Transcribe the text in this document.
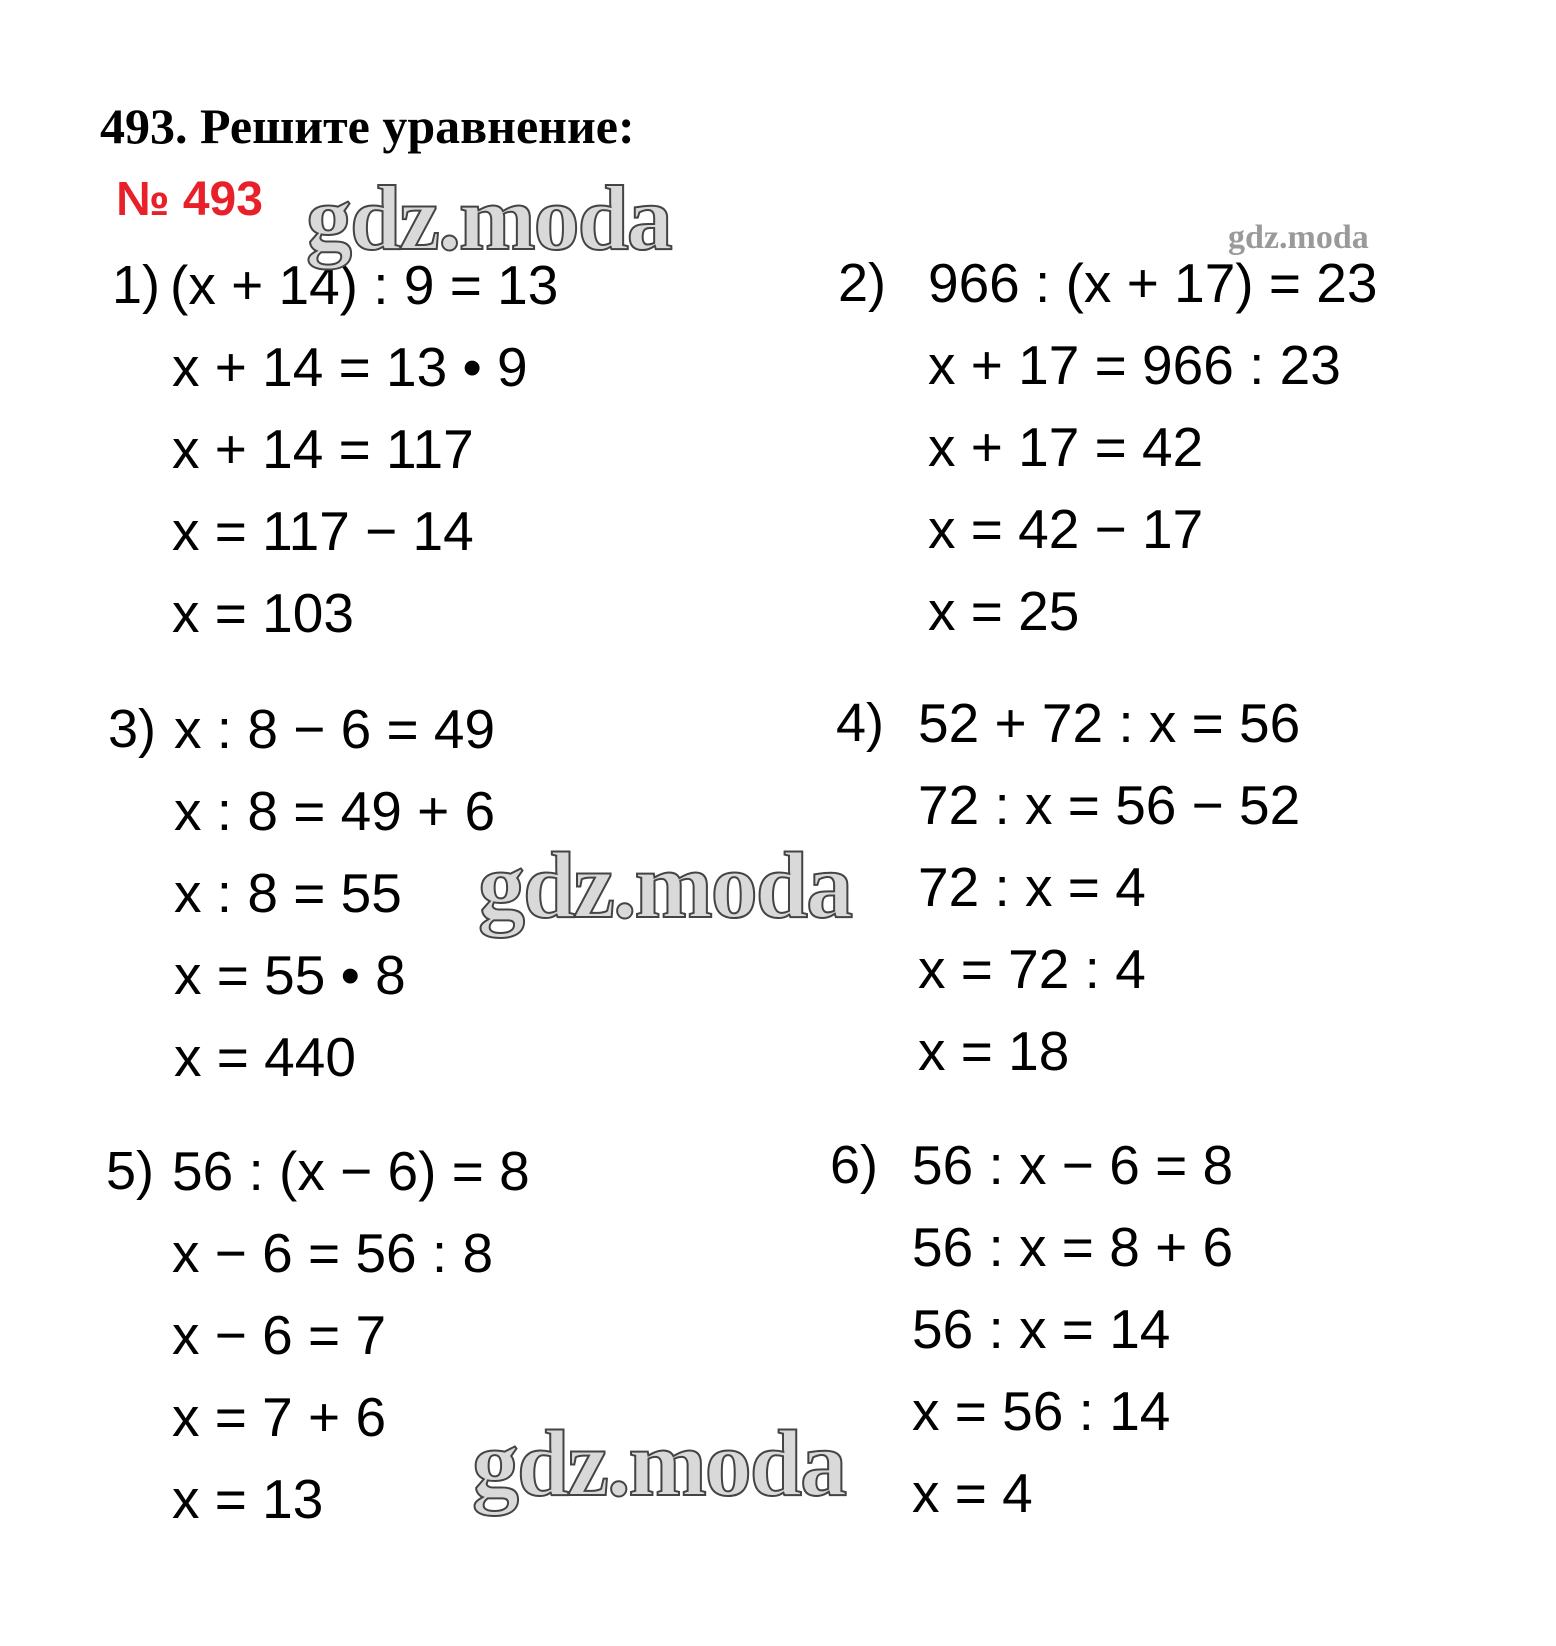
493. Решите уравнение:
№ 493
1) (x + 14) : 9 = 13
x + 14 = 13 • 9
x + 14 = 117
x = 117 − 14
x = 103
2) 966 : (x + 17) = 23
x + 17 = 966 : 23
x + 17 = 42
x = 42 − 17
x = 25
3) x : 8 − 6 = 49
x : 8 = 49 + 6
x : 8 = 55
x = 55 • 8
x = 440
4) 52 + 72 : x = 56
72 : x = 56 − 52
72 : x = 4
x = 72 : 4
x = 18
5) 56 : (x − 6) = 8
x − 6 = 56 : 8
x − 6 = 7
x = 7 + 6
x = 13
6) 56 : x − 6 = 8
56 : x = 8 + 6
56 : x = 14
x = 56 : 14
x = 4
gdz.moda	gdz.moda
gdz.moda
gdz.moda
